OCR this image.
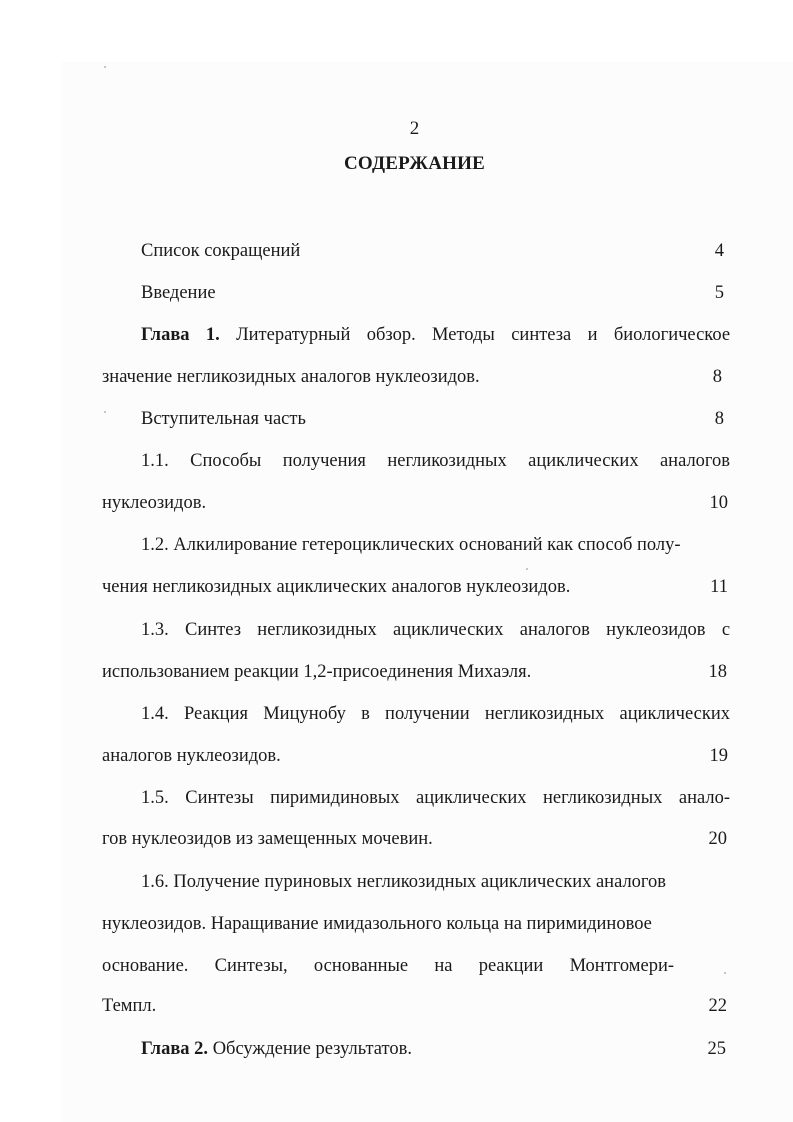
2
СОДЕРЖАНИЕ
Список сокращений	4
Введение	5
Глава 1. Литературный обзор. Методы синтеза и биологическое
значение негликозидных аналогов нуклеозидов.	8
Вступительная часть	8
1.1. Способы получения негликозидных ациклических аналогов
нуклеозидов.	10
1.2. Алкилирование гетероциклических оснований как способ полу-
чения негликозидных ациклических аналогов нуклеозидов.	11
1.3. Синтез негликозидных ациклических аналогов нуклеозидов с
использованием реакции 1,2-присоединения Михаэля.	18
1.4. Реакция Мицунобу в получении негликозидных ациклических
аналогов нуклеозидов.	19
1.5. Синтезы пиримидиновых ациклических негликозидных анало-
гов нуклеозидов из замещенных мочевин.	20
1.6. Получение пуриновых негликозидных ациклических аналогов
нуклеозидов. Наращивание имидазольного кольца на пиримидиновое
основание. Синтезы, основанные на реакции Монтгомери-
Темпл.	22
Глава 2. Обсуждение результатов.	25
